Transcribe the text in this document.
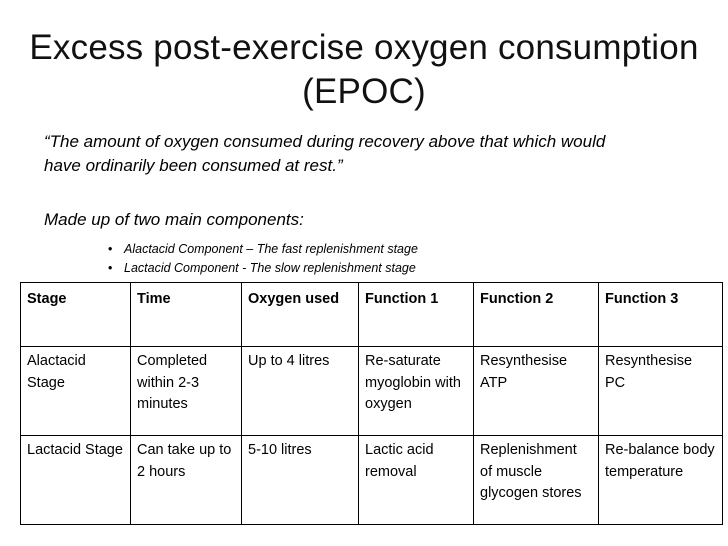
Excess post-exercise oxygen consumption
(EPOC)
“The amount of oxygen consumed during recovery above that which would
have ordinarily been consumed at rest.”
Made up of two main components:
• Alactacid Component – The fast replenishment stage
• Lactacid Component - The slow replenishment stage
Stage	Time	Oxygen used	Function 1	Function 2	Function 3
Alactacid Stage	Completed within 2-3 minutes	Up to 4 litres	Re-saturate myoglobin with oxygen	Resynthesise ATP	Resynthesise PC
Lactacid Stage	Can take up to 2 hours	5-10 litres	Lactic acid removal	Replenishment of muscle glycogen stores	Re-balance body temperature
